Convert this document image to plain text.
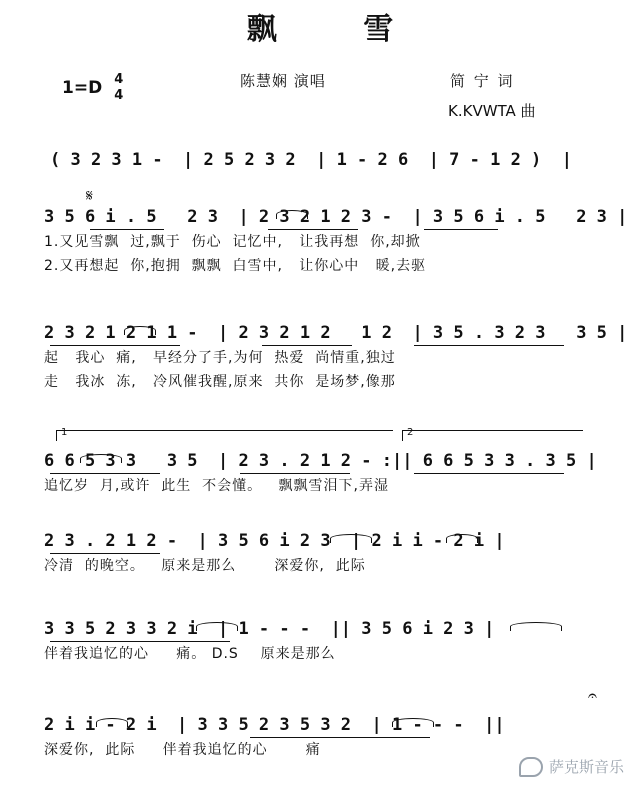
飘 雪
1=D 4
4
陈慧娴 演唱	简 宁 词
K.KVWTA 曲
( 3 2 3 1 -  | 2 5 2 3 2  | 1 - 2 6  | 7 - 1 2 )  |
𝄋
3 5 6 i . 5   2 3  | 2 3 2 1 2 3 -  | 3 5 6 i . 5   2 3 |
1.又见雪飘  过,飘于  伤心  记忆中,   让我再想  你,却掀
2.又再想起  你,抱拥  飘飘  白雪中,   让你心中   暖,去驱
2 3 2 1 2 1 1 -  | 2 3 2 1 2   1 2  | 3 5 . 3 2 3   3 5 |
起   我心  痛,   早经分了手,为何  热爱  尚情重,独过
走   我冰  冻,   冷风催我醒,原来  共你  是场梦,像那
1	2
6 6 5 3 3   3 5  | 2 3 . 2 1 2 - :|| 6 6 5 3 3 . 3 5 |
追忆岁  月,或许  此生  不会懂。   飘飘雪泪下,弄湿
2 3 . 2 1 2 -  | 3 5 6 i 2 3  | 2 i i - 2 i |
冷清  的晚空。   原来是那么       深爱你,  此际
3 3 5 2 3 3 2 i  | 1 - - -  || 3 5 6 i 2 3 |
伴着我追忆的心     痛。 D.S    原来是那么
𝄐
2 i i - 2 i  | 3 3 5 2 3 5 3 2  | 1 - - -  ||
深爱你,  此际     伴着我追忆的心       痛
萨克斯音乐
